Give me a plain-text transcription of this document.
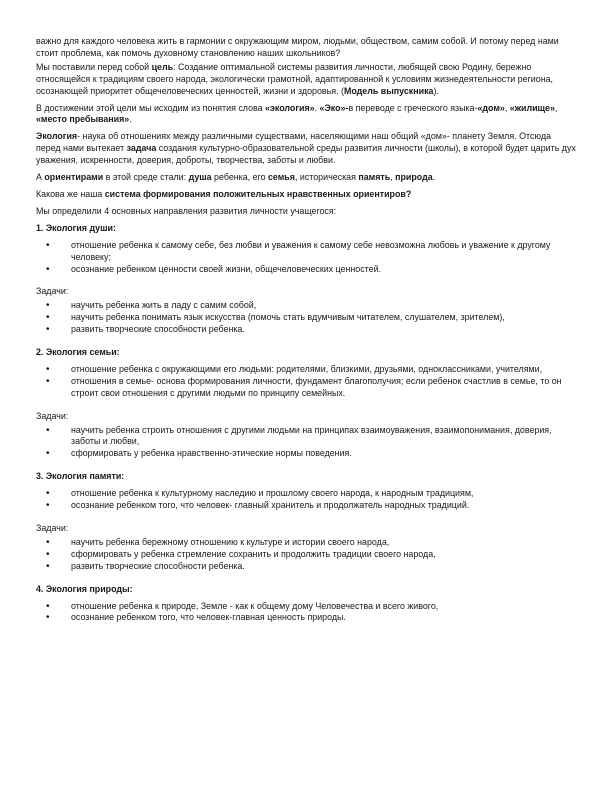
важно для каждого человека жить в гармонии с окружающим миром, людьми, обществом, самим собой. И потому перед нами стоит проблема, как помочь духовному становлению наших школьников?

Мы поставили перед собой цель: Создание оптимальной системы развития личности, любящей свою Родину, бережно относящейся к традициям своего народа, экологически грамотной, адаптированной к условиям жизнедеятельности региона, осознающей приоритет общечеловеческих ценностей, жизни и здоровья. (Модель выпускника).

В достижении этой цели мы исходим из понятия слова «экология». «Эко»-в переводе с греческого языка-«дом», «жилище», «место пребывания».

Экология- наука об отношениях между различными существами, населяющими наш общий «дом»- планету Земля. Отсюда перед нами вытекает задача создания культурно-образовательной среды развития личности (школы), в которой будет царить дух уважения, искренности, доверия, доброты, творчества, заботы и любви.

А ориентирами в этой среде стали: душа ребенка, его семья, историческая память, природа.

Какова же наша система формирования положительных нравственных ориентиров?

Мы определили 4 основных направления развития личности учащегося:

1. Экология души:
• отношение ребенка к самому себе, без любви и уважения к самому себе невозможна любовь и уважение к другому человеку;
• осознание ребенком ценности своей жизни, общечеловеческих ценностей.
Задачи:
• научить ребенка жить в ладу с самим собой,
• научить ребенка понимать язык искусства (помочь стать вдумчивым читателем, слушателем, зрителем),
• развить творческие способности ребенка.
2. Экология семьи:
• отношение ребенка с окружающими его людьми: родителями, близкими, друзьями, одноклассниками, учителями,
• отношения в семье- основа формирования личности, фундамент благополучия; если ребенок счастлив в семье, то он строит свои отношения с другими людьми по принципу семейных.
Задачи:
• научить ребенка строить отношения с другими людьми на принципах взаимоуважения, взаимопонимания, доверия, заботы и любви,
• сформировать у ребенка нравственно-этические нормы поведения.
3. Экология памяти:
• отношение ребенка к культурному наследию и прошлому своего народа, к народным традициям,
• осознание ребенком того, что человек- главный хранитель и продолжатель народных традиций.
Задачи:
• научить ребенка бережному отношению к культуре и истории своего народа,
• сформировать у ребенка стремление сохранить и продолжить традиции своего народа,
• развить творческие способности ребенка.
4. Экология природы:
• отношение ребенка к природе, Земле - как к общему дому Человечества и всего живого,
• осознание ребенком того, что человек-главная ценность природы.
